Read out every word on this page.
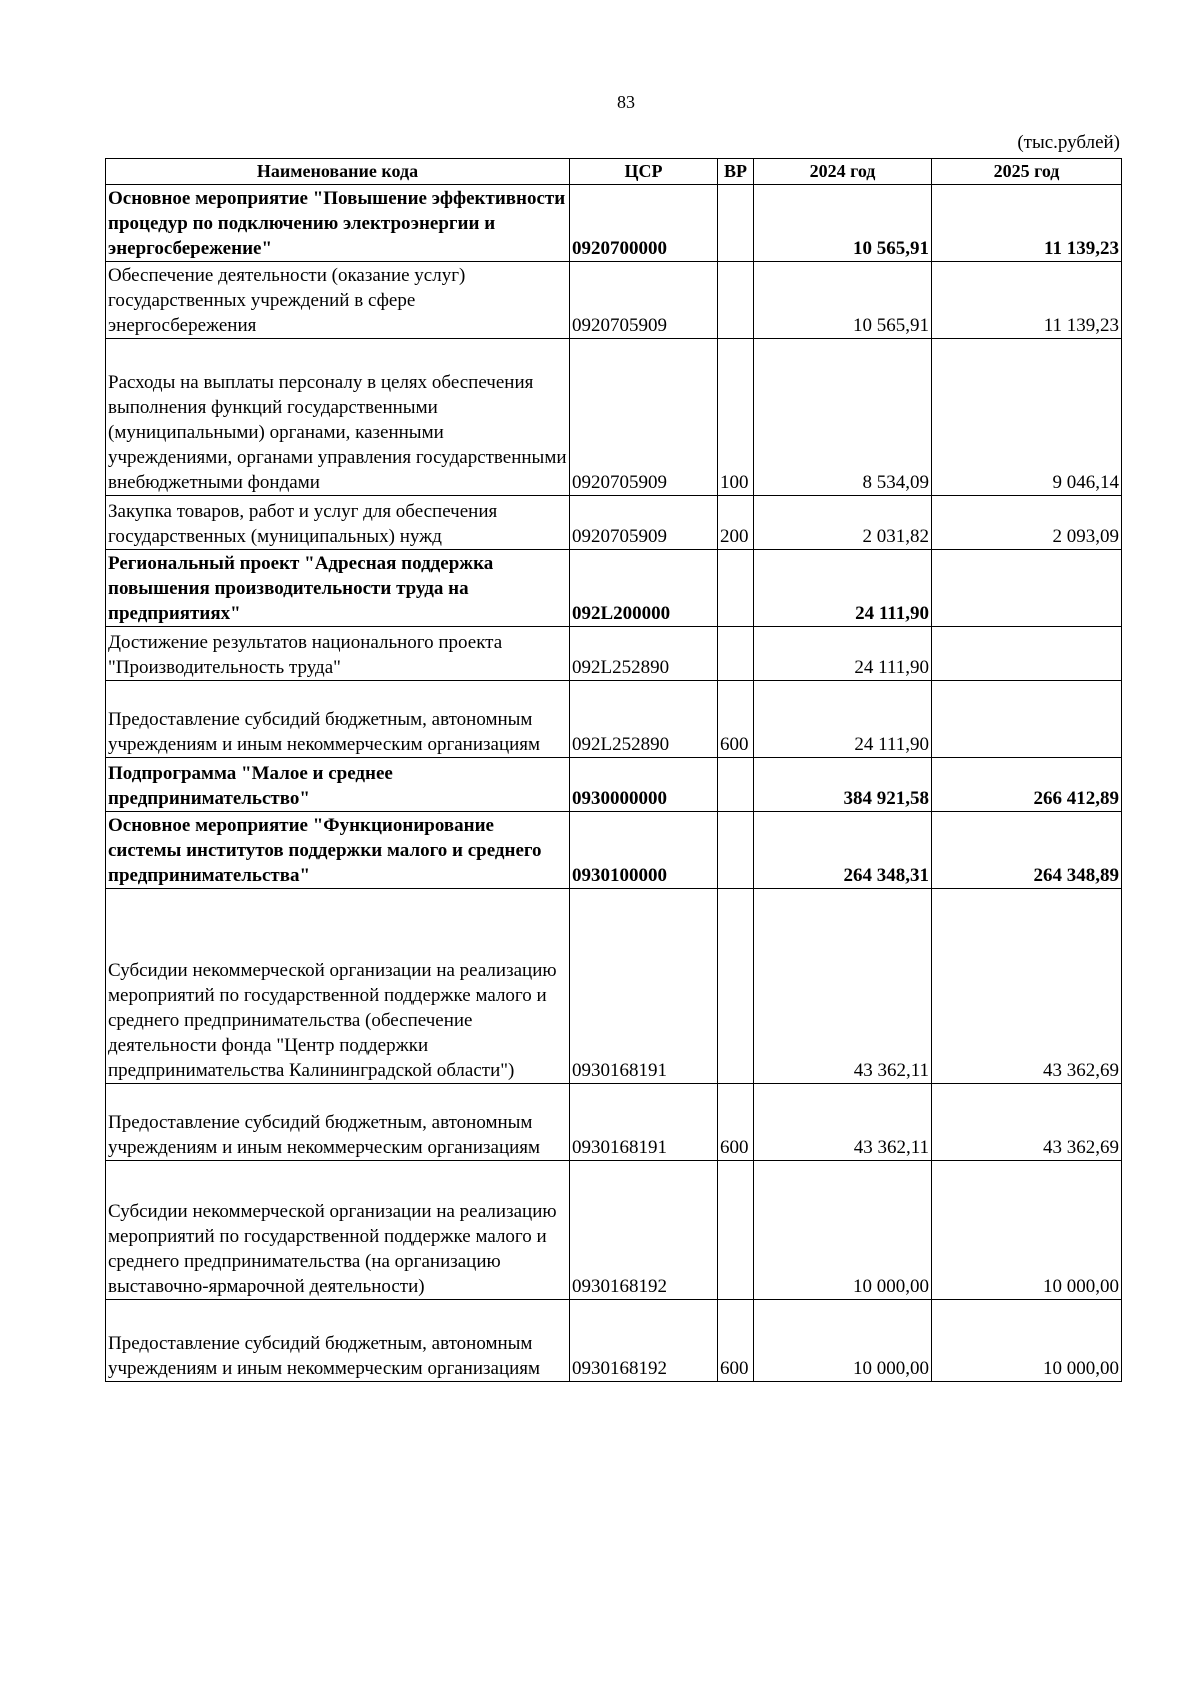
83
(тыс.рублей)
Наименование кода	ЦСР	ВР	2024 год	2025 год
Основное мероприятие "Повышение эффективности процедур по подключению электроэнергии и энергосбережение"	0920700000		10 565,91	11 139,23
Обеспечение деятельности (оказание услуг) государственных учреждений в сфере энергосбережения	0920705909		10 565,91	11 139,23
Расходы на выплаты персоналу в целях обеспечения выполнения функций государственными (муниципальными) органами, казенными учреждениями, органами управления государственными внебюджетными фондами	0920705909	100	8 534,09	9 046,14
Закупка товаров, работ и услуг для обеспечения государственных (муниципальных) нужд	0920705909	200	2 031,82	2 093,09
Региональный проект "Адресная поддержка повышения производительности труда на предприятиях"	092L200000		24 111,90	
Достижение результатов национального проекта "Производительность труда"	092L252890		24 111,90	
Предоставление субсидий бюджетным, автономным учреждениям и иным некоммерческим организациям	092L252890	600	24 111,90	
Подпрограмма "Малое и среднее предпринимательство"	0930000000		384 921,58	266 412,89
Основное мероприятие "Функционирование системы институтов поддержки малого и среднего предпринимательства"	0930100000		264 348,31	264 348,89
Субсидии некоммерческой организации на реализацию мероприятий по государственной поддержке малого и среднего предпринимательства (обеспечение деятельности фонда "Центр поддержки предпринимательства Калининградской области")	0930168191		43 362,11	43 362,69
Предоставление субсидий бюджетным, автономным учреждениям и иным некоммерческим организациям	0930168191	600	43 362,11	43 362,69
Субсидии некоммерческой организации на реализацию мероприятий по государственной поддержке малого и среднего предпринимательства (на организацию выставочно-ярмарочной деятельности)	0930168192		10 000,00	10 000,00
Предоставление субсидий бюджетным, автономным учреждениям и иным некоммерческим организациям	0930168192	600	10 000,00	10 000,00
